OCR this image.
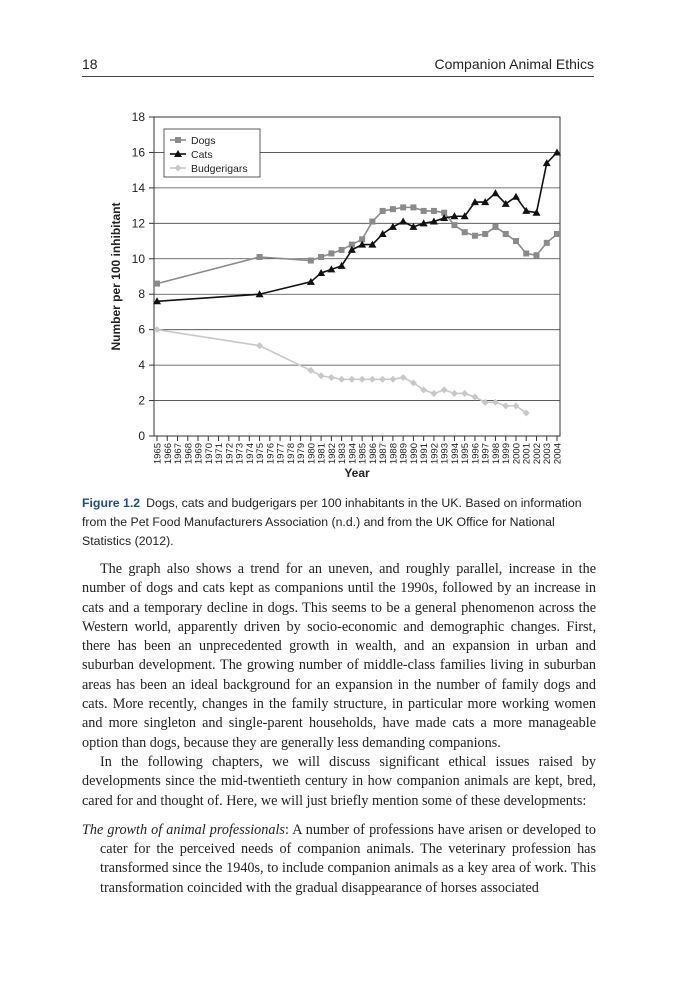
18	Companion Animal Ethics
0
2
4
6
8
10
12
14
16
18
1965 1966 1967 1968 1969 1970 1971 1972 1973 1974 1975 1976 1977 1978 1979 1980 1981 1982 1983 1984 1985 1986 1987 1988 1989 1990 1991 1992 1993 1994 1995 1996 1997 1998 1999 2000 2001 2002 2003 2004
Year
Number per 100 inhibitant
Dogs
Cats
Budgerigars
Figure 1.2 Dogs, cats and budgerigars per 100 inhabitants in the UK. Based on information from the Pet Food Manufacturers Association (n.d.) and from the UK Office for National Statistics (2012).

The graph also shows a trend for an uneven, and roughly parallel, increase in the number of dogs and cats kept as companions until the 1990s, followed by an increase in cats and a temporary decline in dogs. This seems to be a general phenomenon across the Western world, apparently driven by socio-economic and demographic changes. First, there has been an unprecedented growth in wealth, and an expansion in urban and suburban development. The growing number of middle-class families living in suburban areas has been an ideal background for an expansion in the number of family dogs and cats. More recently, changes in the family structure, in particular more working women and more singleton and single-parent households, have made cats a more manageable option than dogs, because they are generally less demanding companions.

In the following chapters, we will discuss significant ethical issues raised by developments since the mid-twentieth century in how companion animals are kept, bred, cared for and thought of. Here, we will just briefly mention some of these developments:

The growth of animal professionals: A number of professions have arisen or developed to cater for the perceived needs of companion animals. The veterinary profession has transformed since the 1940s, to include companion animals as a key area of work. This transformation coincided with the gradual disappearance of horses associated
